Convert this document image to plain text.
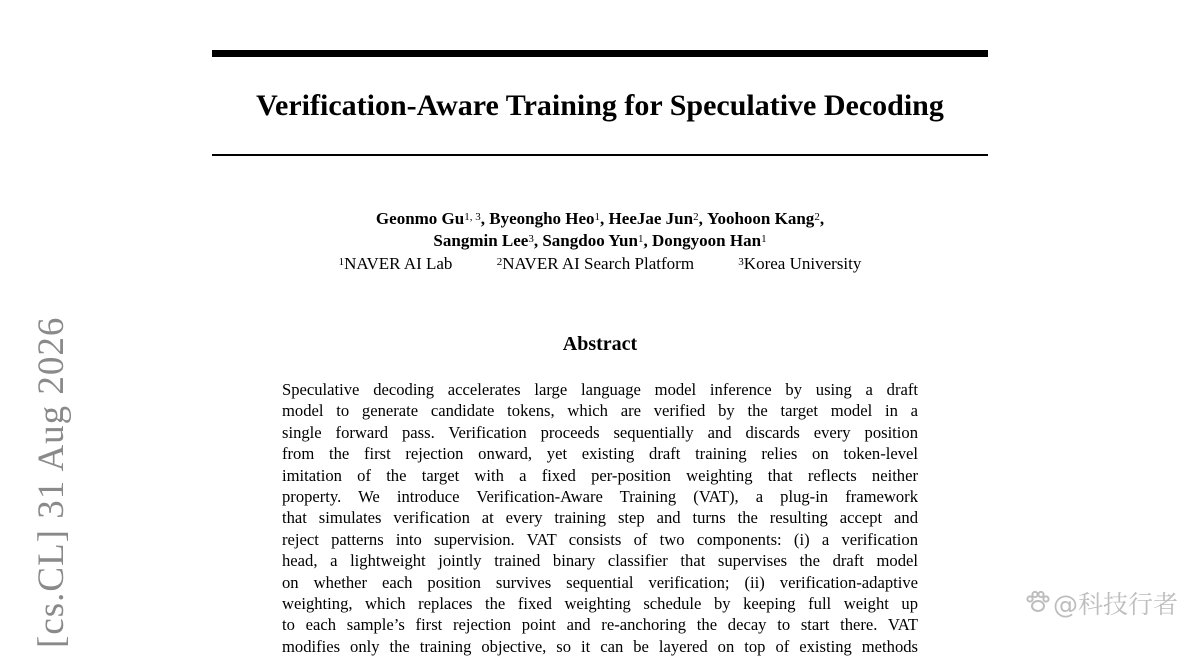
Verification-Aware Training for Speculative Decoding
Geonmo Gu$^{1, 3}$, Byeongho Heo$^1$, HeeJae Jun$^2$, Yoohoon Kang$^2$,
Sangmin Lee$^3$, Sangdoo Yun$^1$, Dongyoon Han$^1$
$^1$NAVER AI Lab	$^2$NAVER AI Search Platform	$^3$Korea University
Abstract
Speculative decoding accelerates large language model inference by using a draft
model to generate candidate tokens, which are verified by the target model in a
single forward pass. Verification proceeds sequentially and discards every position
from the first rejection onward, yet existing draft training relies on token-level
imitation of the target with a fixed per-position weighting that reflects neither
property. We introduce Verification-Aware Training (VAT), a plug-in framework
that simulates verification at every training step and turns the resulting accept and
reject patterns into supervision. VAT consists of two components: (i) a verification
head, a lightweight jointly trained binary classifier that supervises the draft model
on whether each position survives sequential verification; (ii) verification-adaptive
weighting, which replaces the fixed weighting schedule by keeping full weight up
to each sample’s first rejection point and re-anchoring the decay to start there. VAT
modifies only the training objective, so it can be layered on top of existing methods
[cs.CL] 31 Aug 2026	@科技行者
